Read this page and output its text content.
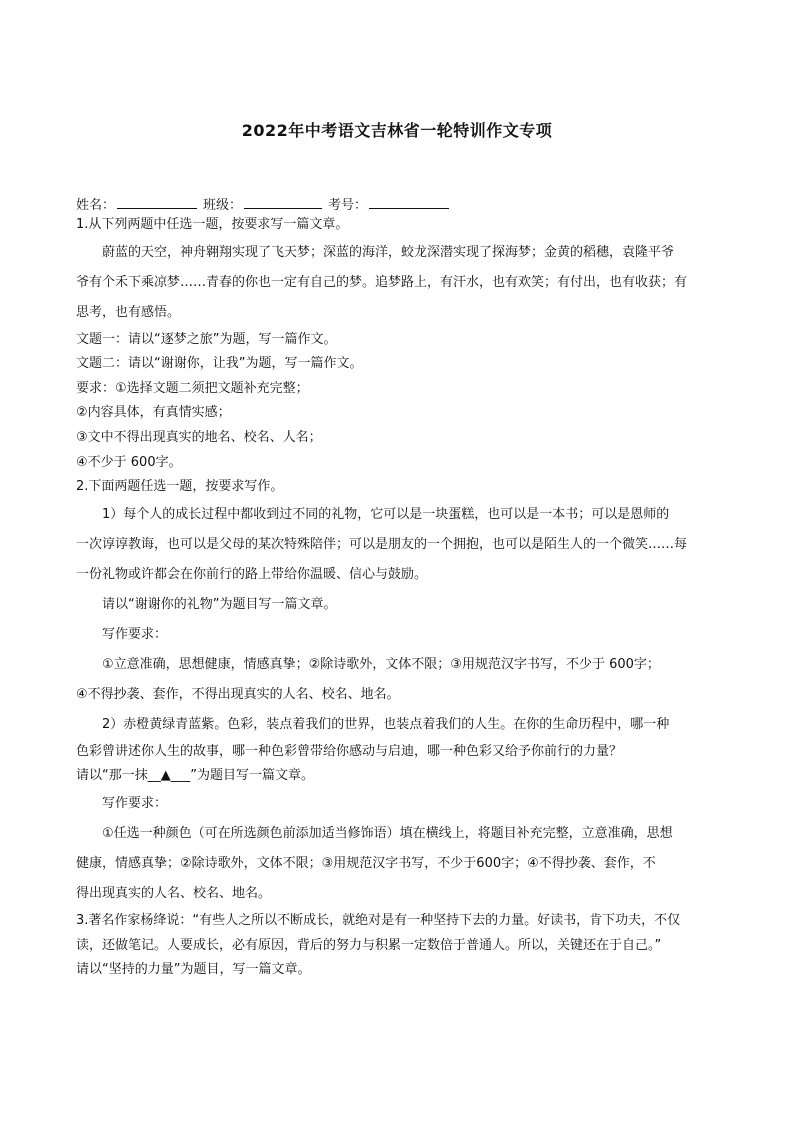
2022年中考语文吉林省一轮特训作文专项
姓名：	班级：	考号：

1.从下列两题中任选一题，按要求写一篇文章。

蔚蓝的天空，神舟翱翔实现了飞天梦；深蓝的海洋，蛟龙深潜实现了探海梦；金黄的稻穗，袁隆平爷

爷有个禾下乘凉梦……青春的你也一定有自己的梦。追梦路上，有汗水，也有欢笑；有付出，也有收获；有

思考，也有感悟。

文题一：请以“逐梦之旅”为题，写一篇作文。

文题二：请以“谢谢你，让我”为题，写一篇作文。

要求：①选择文题二须把文题补充完整；

②内容具体，有真情实感；

③文中不得出现真实的地名、校名、人名；

④不少于 600字。

2.下面两题任选一题，按要求写作。

1）每个人的成长过程中都收到过不同的礼物，它可以是一块蛋糕，也可以是一本书；可以是恩师的

一次谆谆教诲，也可以是父母的某次特殊陪伴；可以是朋友的一个拥抱，也可以是陌生人的一个微笑……每

一份礼物或许都会在你前行的路上带给你温暖、信心与鼓励。

请以“谢谢你的礼物”为题目写一篇文章。

写作要求：

①立意准确，思想健康，情感真挚；②除诗歌外，文体不限；③用规范汉字书写，不少于 600字；

④不得抄袭、套作，不得出现真实的人名、校名、地名。

2）赤橙黄绿青蓝紫。色彩，装点着我们的世界，也装点着我们的人生。在你的生命历程中，哪一种

色彩曾讲述你人生的故事，哪一种色彩曾带给你感动与启迪，哪一种色彩又给予你前行的力量？

请以“那一抹__▲___”为题目写一篇文章。

写作要求：

①任选一种颜色（可在所选颜色前添加适当修饰语）填在横线上，将题目补充完整，立意准确，思想

健康，情感真挚；②除诗歌外，文体不限；③用规范汉字书写，不少于600字；④不得抄袭、套作，不

得出现真实的人名、校名、地名。

3.著名作家杨绛说：“有些人之所以不断成长，就绝对是有一种坚持下去的力量。好读书，肯下功夫，不仅

读，还做笔记。人要成长，必有原因，背后的努力与积累一定数倍于普通人。所以，关键还在于自己。”

请以“坚持的力量”为题目，写一篇文章。
